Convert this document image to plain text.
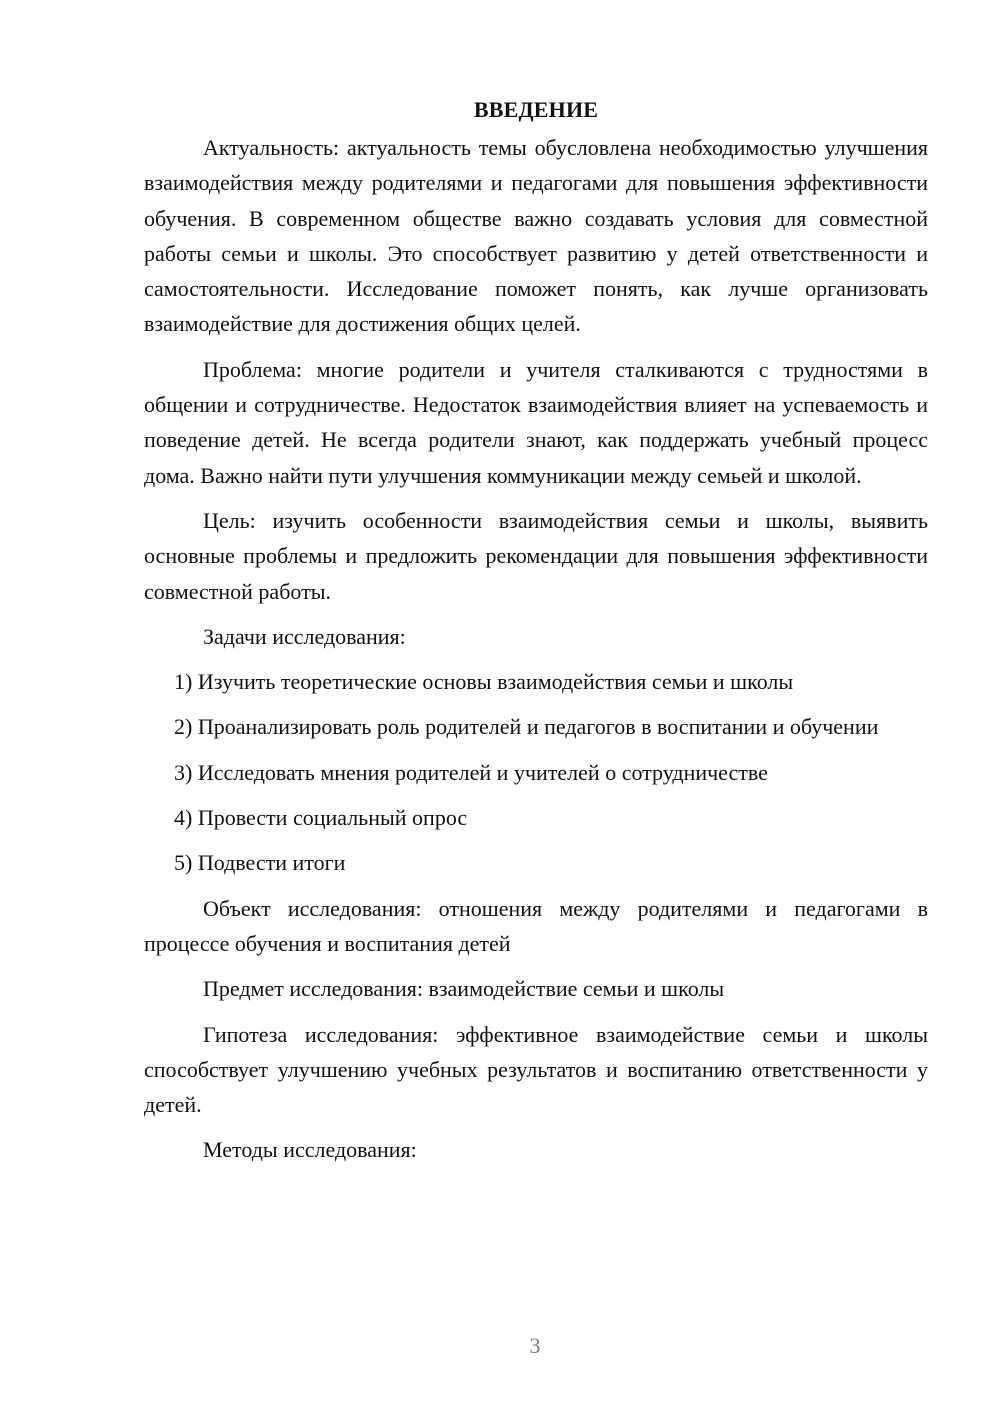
ВВЕДЕНИЕ

Актуальность: актуальность темы обусловлена необходимостью улучшения взаимодействия между родителями и педагогами для повышения эффективности обучения. В современном обществе важно создавать условия для совместной работы семьи и школы. Это способствует развитию у детей ответственности и самостоятельности. Исследование поможет понять, как лучше организовать взаимодействие для достижения общих целей.

Проблема: многие родители и учителя сталкиваются с трудностями в общении и сотрудничестве. Недостаток взаимодействия влияет на успеваемость и поведение детей. Не всегда родители знают, как поддержать учебный процесс дома. Важно найти пути улучшения коммуникации между семьей и школой.

Цель: изучить особенности взаимодействия семьи и школы, выявить основные проблемы и предложить рекомендации для повышения эффективности совместной работы.

Задачи исследования:

1) Изучить теоретические основы взаимодействия семьи и школы

2) Проанализировать роль родителей и педагогов в воспитании и обучении

3) Исследовать мнения родителей и учителей о сотрудничестве

4) Провести социальный опрос

5) Подвести итоги

Объект исследования: отношения между родителями и педагогами в процессе обучения и воспитания детей

Предмет исследования: взаимодействие семьи и школы

Гипотеза исследования: эффективное взаимодействие семьи и школы способствует улучшению учебных результатов и воспитанию ответственности у детей.

Методы исследования:

3
